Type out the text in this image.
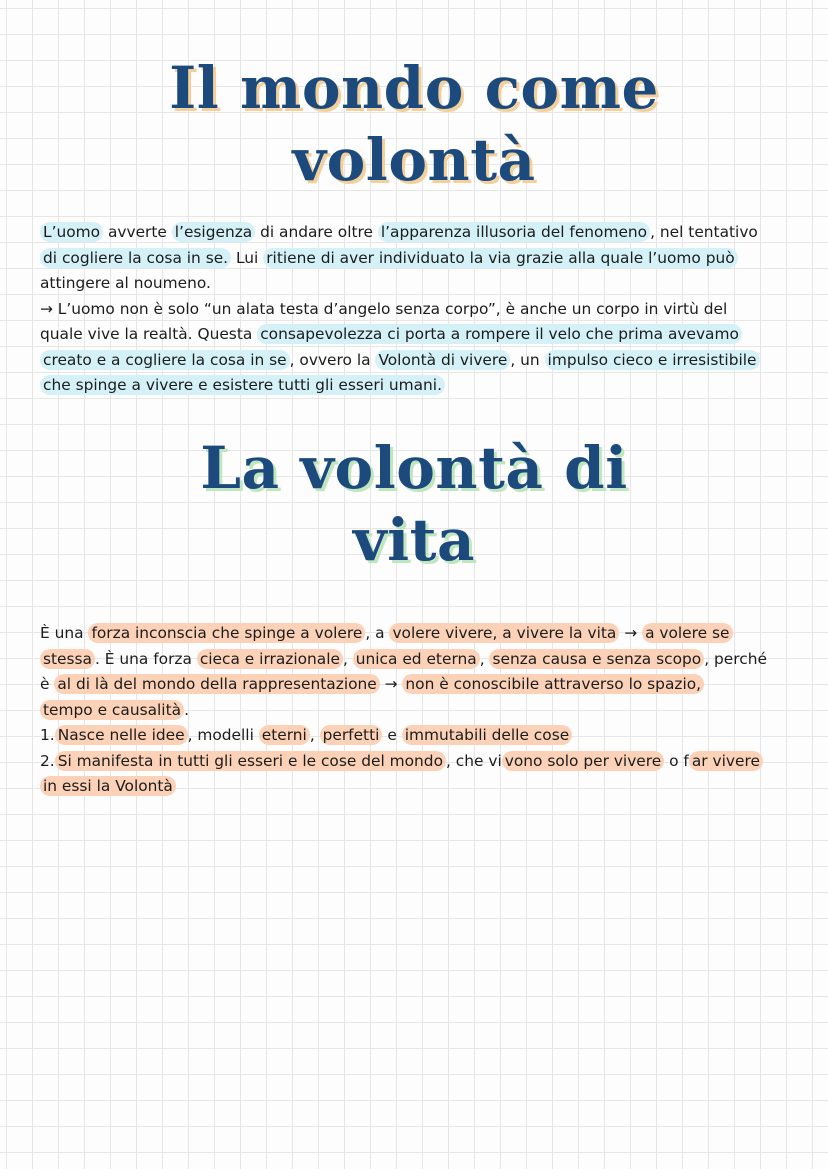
Il mondo come
volontà

L’uomo avverte l’esigenza di andare oltre l’apparenza illusoria del fenomeno , nel tentativo
di cogliere la cosa in se. Lui ritiene di aver individuato la via grazie alla quale l’uomo può
attingere al noumeno.
→ L’uomo non è solo “un alata testa d’angelo senza corpo”, è anche un corpo in virtù del
quale vive la realtà. Questa consapevolezza ci porta a rompere il velo che prima avevamo
creato e a cogliere la cosa in se , ovvero la Volontà di vivere , un impulso cieco e irresistibile
che spinge a vivere e esistere tutti gli esseri umani.

La volontà di
vita

È una forza inconscia che spinge a volere , a volere vivere, a vivere la vita → a volere se
stessa . È una forza cieca e irrazionale , unica ed eterna , senza causa e senza scopo , perché
è al di là del mondo della rappresentazione → non è conoscibile attraverso lo spazio,
tempo e causalità .
1. Nasce nelle idee , modelli eterni , perfetti e immutabili delle cose
2. Si manifesta in tutti gli esseri e le cose del mondo , che vi vono solo per vivere o f ar vivere
in essi la Volontà
